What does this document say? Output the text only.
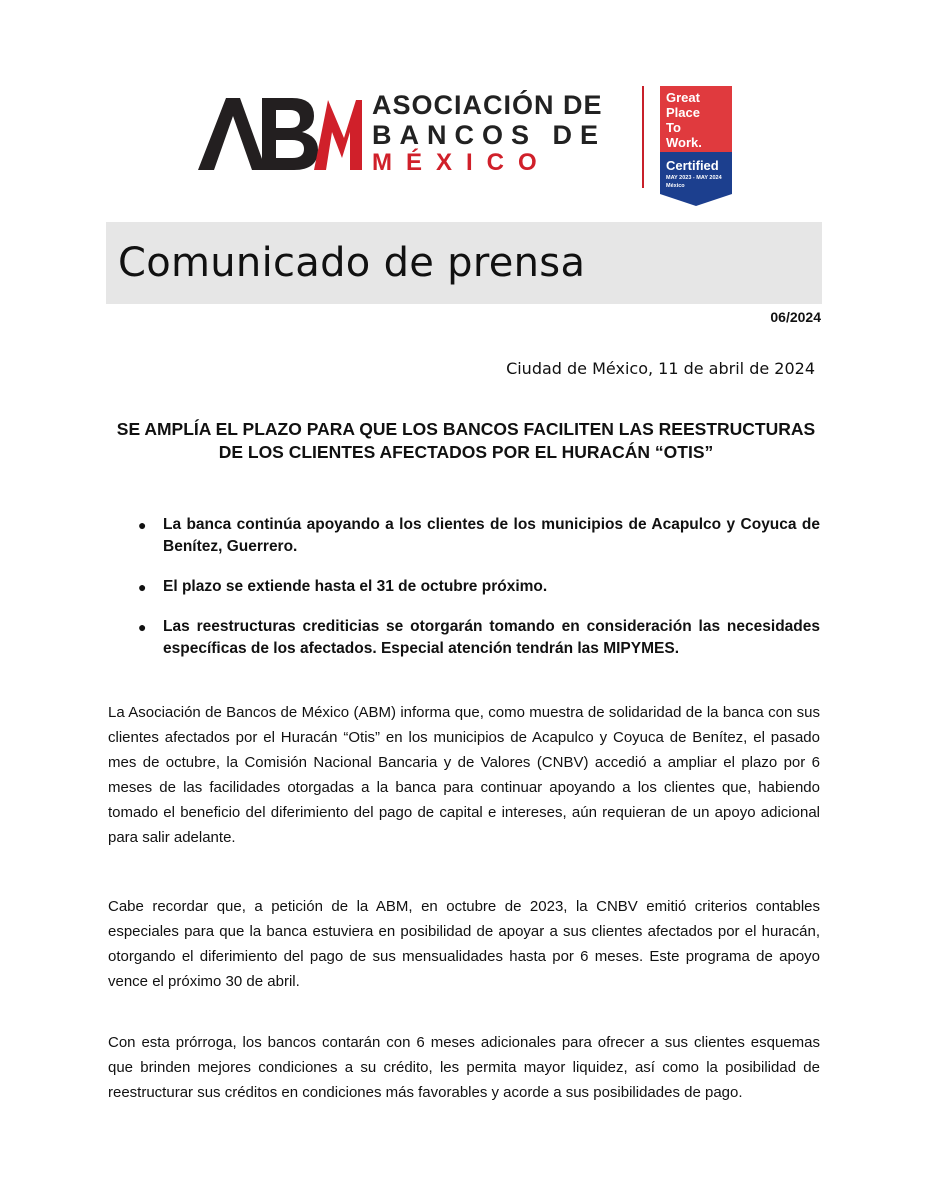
ASOCIACIÓN DE
BANCOS DE
MÉXICO
Great
Place
To
Work.
Certified
MAY 2023 - MAY 2024
México
Comunicado de prensa
06/2024
Ciudad de México, 11 de abril de 2024
SE AMPLÍA EL PLAZO PARA QUE LOS BANCOS FACILITEN LAS REESTRUCTURAS DE LOS CLIENTES AFECTADOS POR EL HURACÁN “OTIS”
● La banca continúa apoyando a los clientes de los municipios de Acapulco y Coyuca de Benítez, Guerrero.
● El plazo se extiende hasta el 31 de octubre próximo.
● Las reestructuras crediticias se otorgarán tomando en consideración las necesidades específicas de los afectados. Especial atención tendrán las MIPYMES.

La Asociación de Bancos de México (ABM) informa que, como muestra de solidaridad de la banca con sus clientes afectados por el Huracán “Otis” en los municipios de Acapulco y Coyuca de Benítez, el pasado mes de octubre, la Comisión Nacional Bancaria y de Valores (CNBV) accedió a ampliar el plazo por 6 meses de las facilidades otorgadas a la banca para continuar apoyando a los clientes que, habiendo tomado el beneficio del diferimiento del pago de capital e intereses, aún requieran de un apoyo adicional para salir adelante.

Cabe recordar que, a petición de la ABM, en octubre de 2023, la CNBV emitió criterios contables especiales para que la banca estuviera en posibilidad de apoyar a sus clientes afectados por el huracán, otorgando el diferimiento del pago de sus mensualidades hasta por 6 meses. Este programa de apoyo vence el próximo 30 de abril.

Con esta prórroga, los bancos contarán con 6 meses adicionales para ofrecer a sus clientes esquemas que brinden mejores condiciones a su crédito, les permita mayor liquidez, así como la posibilidad de reestructurar sus créditos en condiciones más favorables y acorde a sus posibilidades de pago.
